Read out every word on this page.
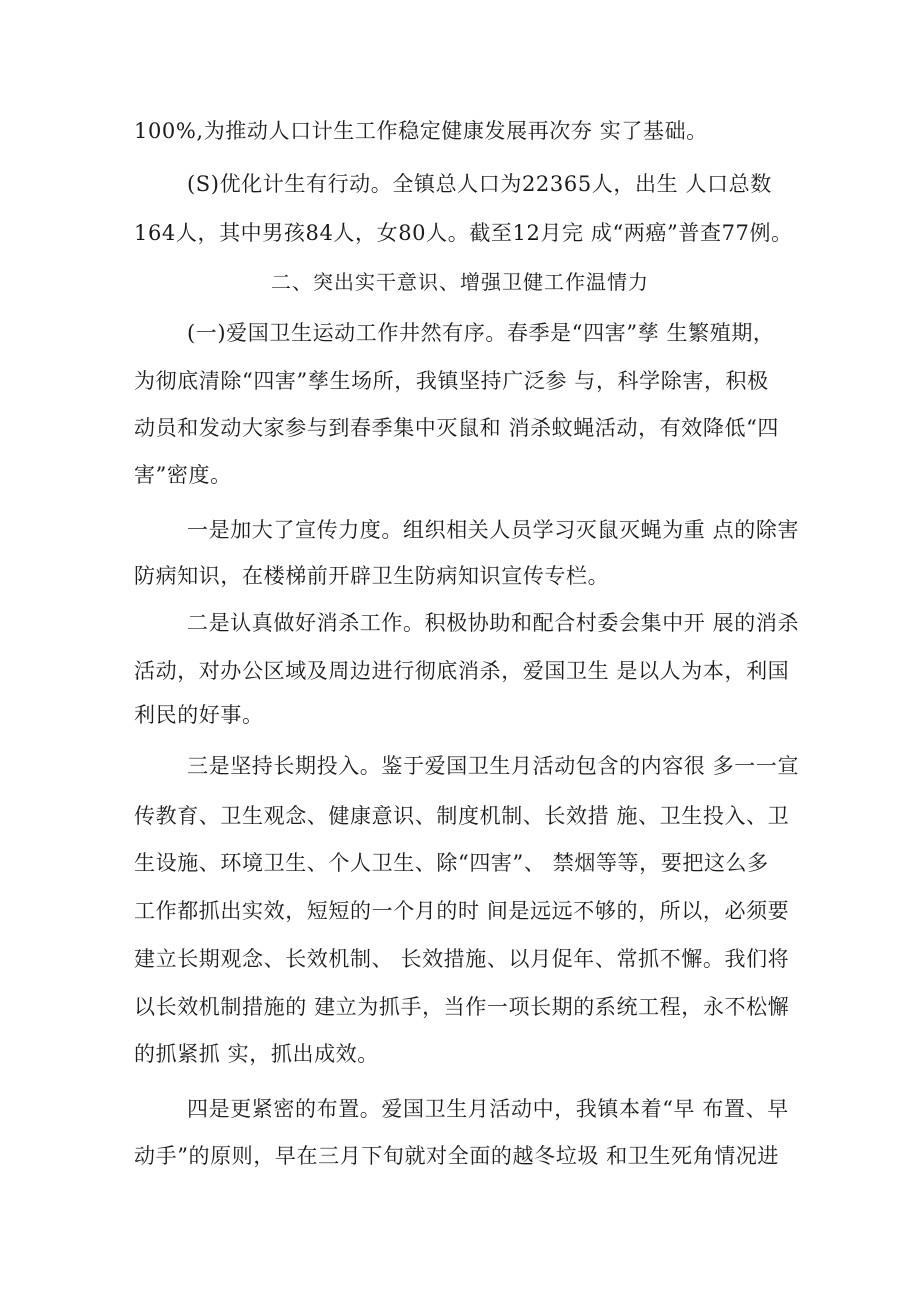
100%,为推动人口计生工作稳定健康发展再次夯 实了基础。
(S)优化计生有行动。全镇总人口为22365人，出生 人口总数
164人，其中男孩84人，女80人。截至12月完 成“两癌”普查77例。
二、突出实干意识、增强卫健工作温情力
(一)爱国卫生运动工作井然有序。春季是“四害”孳 生繁殖期，
为彻底清除“四害”孳生场所，我镇坚持广泛参 与，科学除害，积极
动员和发动大家参与到春季集中灭鼠和 消杀蚊蝇活动，有效降低“四
害”密度。
一是加大了宣传力度。组织相关人员学习灭鼠灭蝇为重 点的除害
防病知识，在楼梯前开辟卫生防病知识宣传专栏。
二是认真做好消杀工作。积极协助和配合村委会集中开 展的消杀
活动，对办公区域及周边进行彻底消杀，爱国卫生 是以人为本，利国
利民的好事。
三是坚持长期投入。鉴于爱国卫生月活动包含的内容很 多一一宣
传教育、卫生观念、健康意识、制度机制、长效措 施、卫生投入、卫
生设施、环境卫生、个人卫生、除“四害”、 禁烟等等，要把这么多
工作都抓出实效，短短的一个月的时 间是远远不够的，所以，必须要
建立长期观念、长效机制、 长效措施、以月促年、常抓不懈。我们将
以长效机制措施的 建立为抓手，当作一项长期的系统工程，永不松懈
的抓紧抓 实，抓出成效。
四是更紧密的布置。爱国卫生月活动中，我镇本着“早 布置、早
动手”的原则，早在三月下旬就对全面的越冬垃圾 和卫生死角情况进
